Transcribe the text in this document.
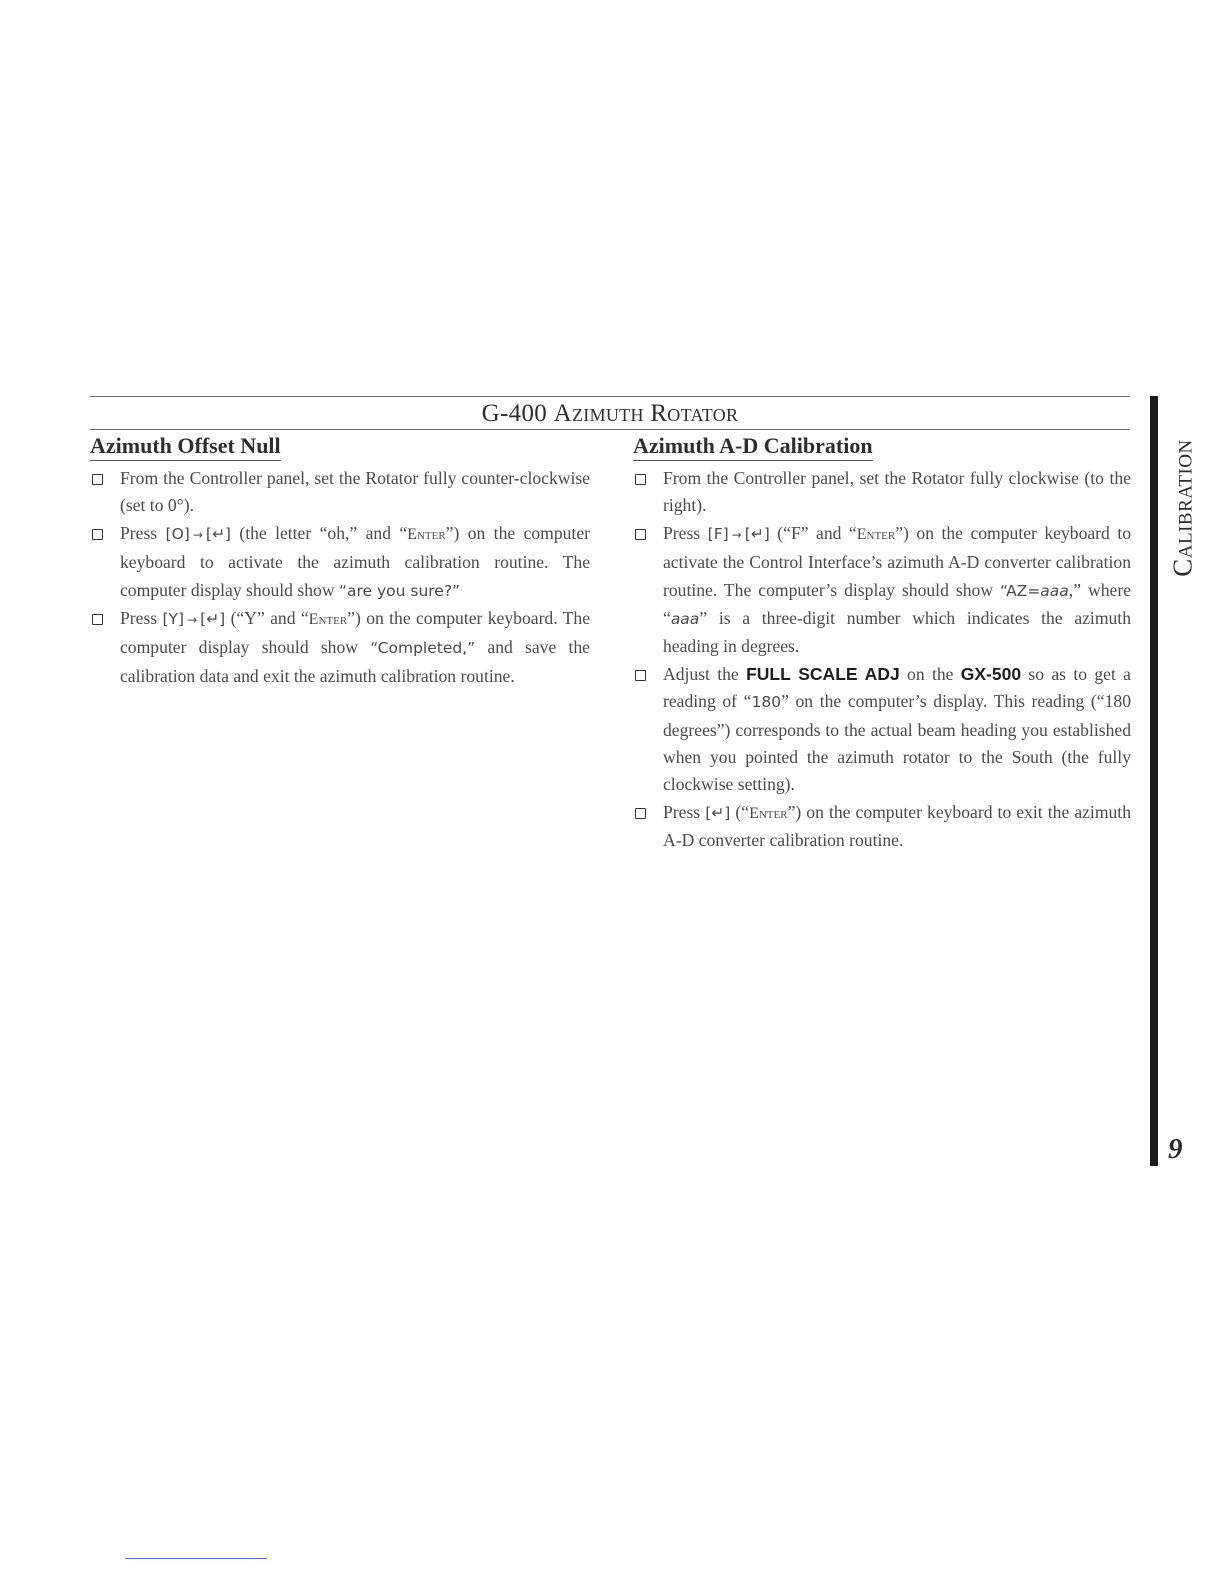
G-400 Azimuth Rotator
Azimuth Offset Null
From the Controller panel, set the Rotator fully counter-clockwise (set to 0°).
Press [O] → [↵] (the letter “oh,” and “Enter”) on the computer keyboard to activate the azimuth calibration routine. The computer display should show “are you sure?”
Press [Y] → [↵] (“Y” and “Enter”) on the computer keyboard. The computer display should show “Completed,” and save the calibration data and exit the azimuth calibration routine.
Azimuth A-D Calibration
From the Controller panel, set the Rotator fully clockwise (to the right).
Press [F] → [↵] (“F” and “Enter”) on the computer keyboard to activate the Control Interface’s azimuth A-D converter calibration routine. The computer’s display should show “AZ=aaa,” where “aaa” is a three-digit number which indicates the azimuth heading in degrees.
Adjust the FULL SCALE ADJ on the GX-500 so as to get a reading of “180” on the computer’s display. This reading (“180 degrees”) corresponds to the actual beam heading you established when you pointed the azimuth rotator to the South (the fully clockwise setting).
Press [↵] (“Enter”) on the computer keyboard to exit the azimuth A-D converter calibration routine.
Calibration
9
